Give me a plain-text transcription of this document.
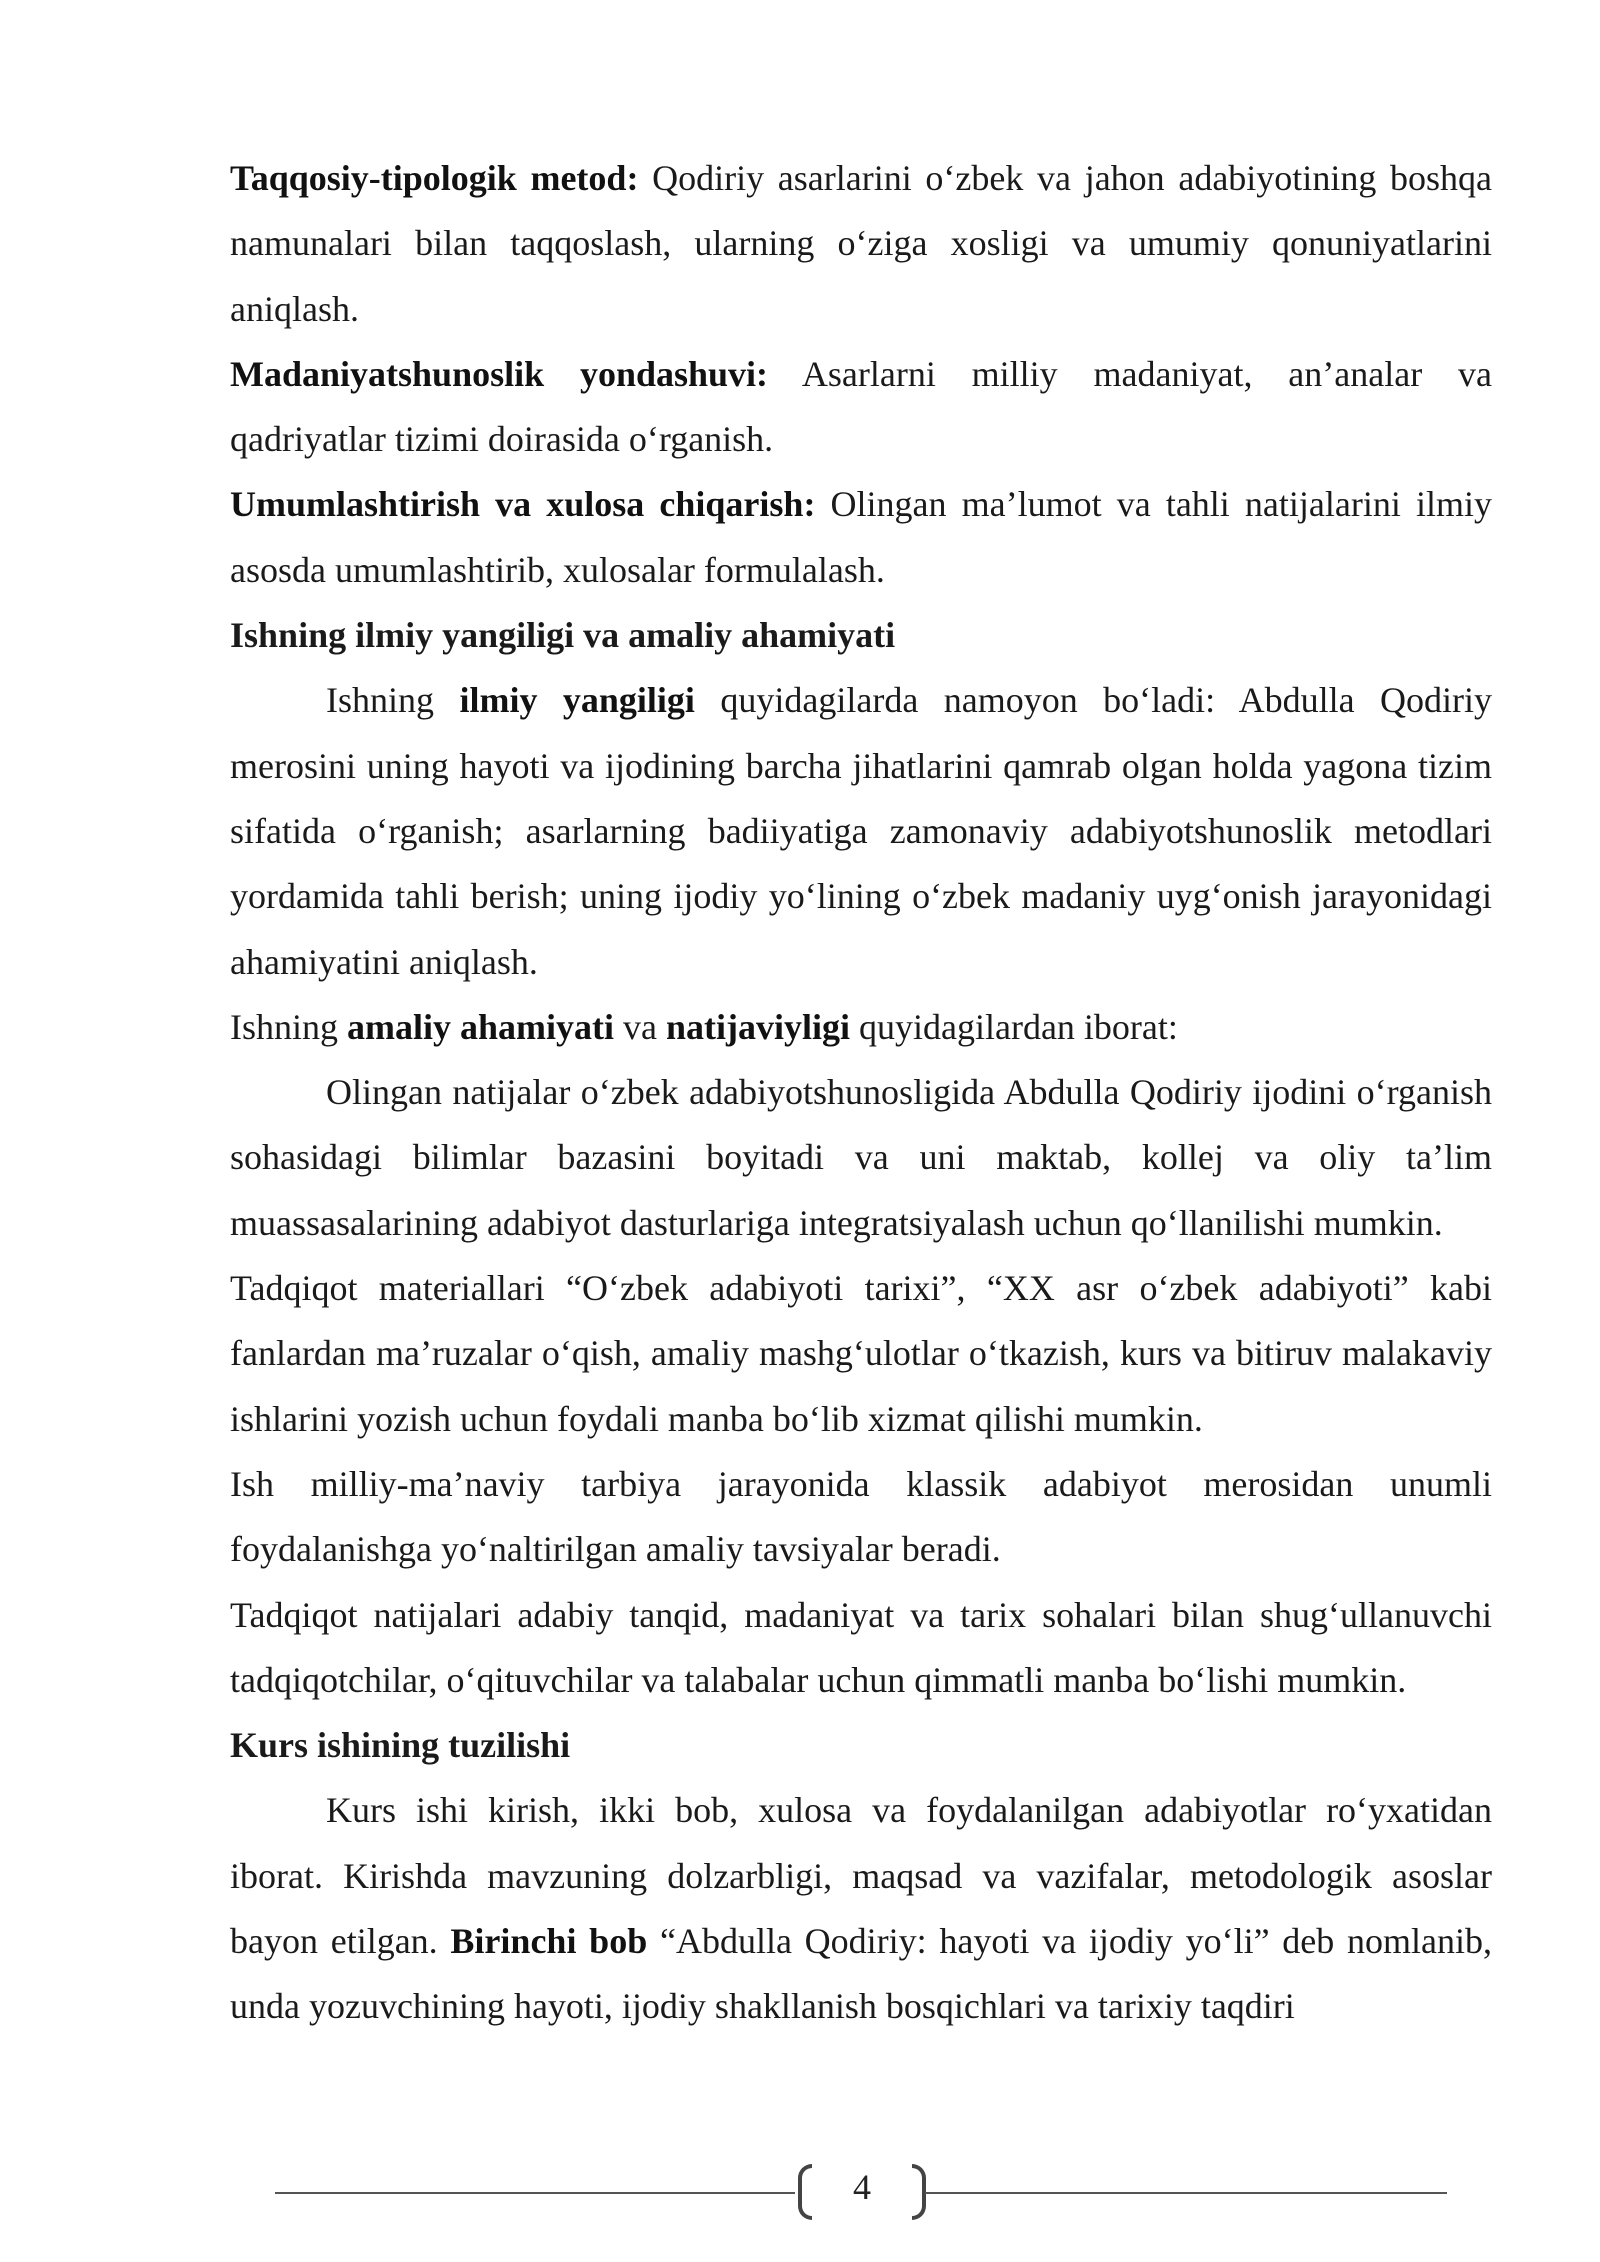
Taqqosiy-tipologik metod: Qodiriy asarlarini o‘zbek va jahon adabiyotining boshqa namunalari bilan taqqoslash, ularning o‘ziga xosligi va umumiy qonuniyatlarini aniqlash.

Madaniyatshunoslik yondashuvi: Asarlarni milliy madaniyat, an’analar va qadriyatlar tizimi doirasida o‘rganish.

Umumlashtirish va xulosa chiqarish: Olingan ma’lumot va tahli natijalarini ilmiy asosda umumlashtirib, xulosalar formulalash.

Ishning ilmiy yangiligi va amaliy ahamiyati

Ishning ilmiy yangiligi quyidagilarda namoyon bo‘ladi: Abdulla Qodiriy merosini uning hayoti va ijodining barcha jihatlarini qamrab olgan holda yagona tizim sifatida o‘rganish; asarlarning badiiyatiga zamonaviy adabiyotshunoslik metodlari yordamida tahli berish; uning ijodiy yo‘lining o‘zbek madaniy uyg‘onish jarayonidagi ahamiyatini aniqlash.

Ishning amaliy ahamiyati va natijaviyligi quyidagilardan iborat:

Olingan natijalar o‘zbek adabiyotshunosligida Abdulla Qodiriy ijodini o‘rganish sohasidagi bilimlar bazasini boyitadi va uni maktab, kollej va oliy ta’lim muassasalarining adabiyot dasturlariga integratsiyalash uchun qo‘llanilishi mumkin.

Tadqiqot materiallari “O‘zbek adabiyoti tarixi”, “XX asr o‘zbek adabiyoti” kabi fanlardan ma’ruzalar o‘qish, amaliy mashg‘ulotlar o‘tkazish, kurs va bitiruv malakaviy ishlarini yozish uchun foydali manba bo‘lib xizmat qilishi mumkin.

Ish milliy-ma’naviy tarbiya jarayonida klassik adabiyot merosidan unumli foydalanishga yo‘naltirilgan amaliy tavsiyalar beradi.

Tadqiqot natijalari adabiy tanqid, madaniyat va tarix sohalari bilan shug‘ullanuvchi tadqiqotchilar, o‘qituvchilar va talabalar uchun qimmatli manba bo‘lishi mumkin.

Kurs ishining tuzilishi

Kurs ishi kirish, ikki bob, xulosa va foydalanilgan adabiyotlar ro‘yxatidan iborat. Kirishda mavzuning dolzarbligi, maqsad va vazifalar, metodologik asoslar bayon etilgan. Birinchi bob “Abdulla Qodiriy: hayoti va ijodiy yo‘li” deb nomlanib, unda yozuvchining hayoti, ijodiy shakllanish bosqichlari va tarixiy taqdiri

4
